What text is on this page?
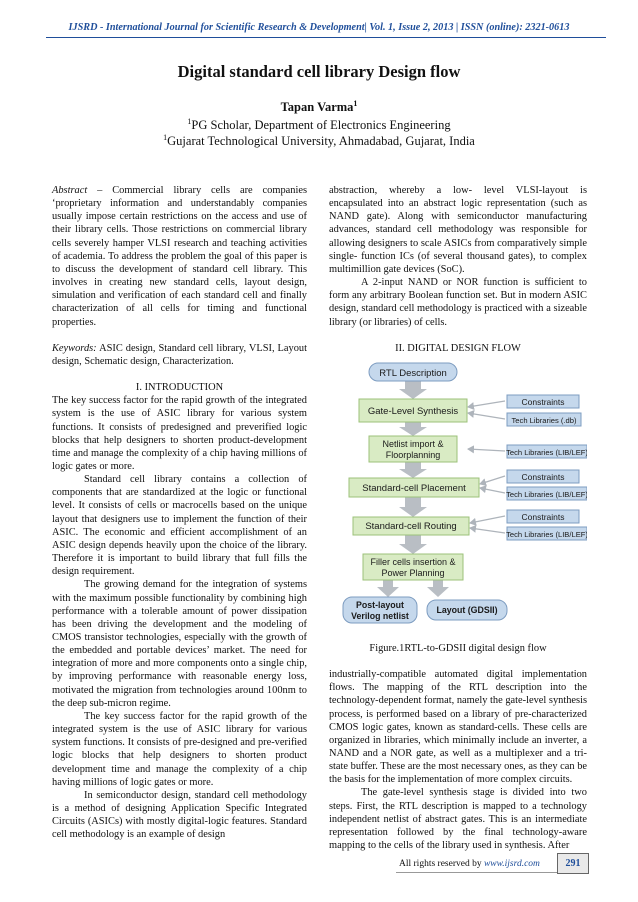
IJSRD - International Journal for Scientific Research & Development| Vol. 1, Issue 2, 2013 | ISSN (online): 2321-0613
Digital standard cell library Design flow
Tapan Varma$^1$
$^1$PG Scholar, Department of Electronics Engineering
$^1$Gujarat Technological University, Ahmadabad, Gujarat, India

Abstract – Commercial library cells are companies ‘proprietary information and understandably companies usually impose certain restrictions on the access and use of their library cells. Those restrictions on commercial library cells severely hamper VLSI research and teaching activities of academia. To address the problem the goal of this paper is to discuss the development of standard cell library. This involves in creating new standard cells, layout design, simulation and verification of each standard cell and finally characterization of all cells for timing and functional properties.

Keywords: ASIC design, Standard cell library, VLSI, Layout design, Schematic design, Characterization.

I. INTRODUCTION

The key success factor for the rapid growth of the integrated system is the use of ASIC library for various system functions. It consists of predesigned and preverified logic blocks that help designers to shorten product-development time and manage the complexity of a chip having millions of logic gates or more.

Standard cell library contains a collection of components that are standardized at the logic or functional level. It consists of cells or macrocells based on the unique layout that designers use to implement the function of their ASIC. The economic and efficient accomplishment of an ASIC design depends heavily upon the choice of the library. Therefore it is important to build library that full fills the design requirement.

The growing demand for the integration of systems with the maximum possible functionality by combining high performance with a tolerable amount of power dissipation has been driving the development and the modeling of CMOS transistor technologies, especially with the growth of the embedded and portable devices’ market. The need for integration of more and more components onto a single chip, by improving performance with reasonable energy loss, motivated the migration from technologies around 100nm to the deep sub-micron regime.

The key success factor for the rapid growth of the integrated system is the use of ASIC library for various system functions. It consists of pre-designed and pre-verified logic blocks that help designers to shorten product development time and manage the complexity of a chip having millions of logic gates or more.

In semiconductor design, standard cell methodology is a method of designing Application Specific Integrated Circuits (ASICs) with mostly digital-logic features. Standard cell methodology is an example of design

abstraction, whereby a low- level VLSI-layout is encapsulated into an abstract logic representation (such as NAND gate). Along with semiconductor manufacturing advances, standard cell methodology was responsible for allowing designers to scale ASICs from comparatively simple single- function ICs (of several thousand gates), to complex multimillion gate devices (SoC).

A 2-input NAND or NOR function is sufficient to form any arbitrary Boolean function set. But in modern ASIC design, standard cell methodology is practiced with a sizeable library (or libraries) of cells.

II. DIGITAL DESIGN FLOW

RTL Description
Gate-Level Synthesis
Netlist import &
Floorplanning
Standard-cell Placement
Standard-cell Routing
Filler cells insertion &
Power Planning
Constraints
Constraints
Constraints
Tech Libraries (.db)
Tech Libraries (LIB/LEF)
Tech Libraries (LIB/LEF)
Tech Libraries (LIB/LEF)
Post-layout
Verilog netlist
Layout (GDSII)

Figure.1RTL-to-GDSII digital design flow

industrially-compatible automated digital implementation flows. The mapping of the RTL description into the technology-dependent format, namely the gate-level synthesis process, is performed based on a library of pre-characterized CMOS logic gates, known as standard-cells. These cells are organized in libraries, which minimally include an inverter, a NAND and a NOR gate, as well as a multiplexer and a tri-state buffer. These are the most necessary ones, as they can be the basis for the implementation of more complex circuits.

The gate-level synthesis stage is divided into two steps. First, the RTL description is mapped to a technology independent netlist of abstract gates. This is an intermediate representation followed by the final technology-aware mapping to the cells of the library used in synthesis. After

All rights reserved by www.ijsrd.com	291
